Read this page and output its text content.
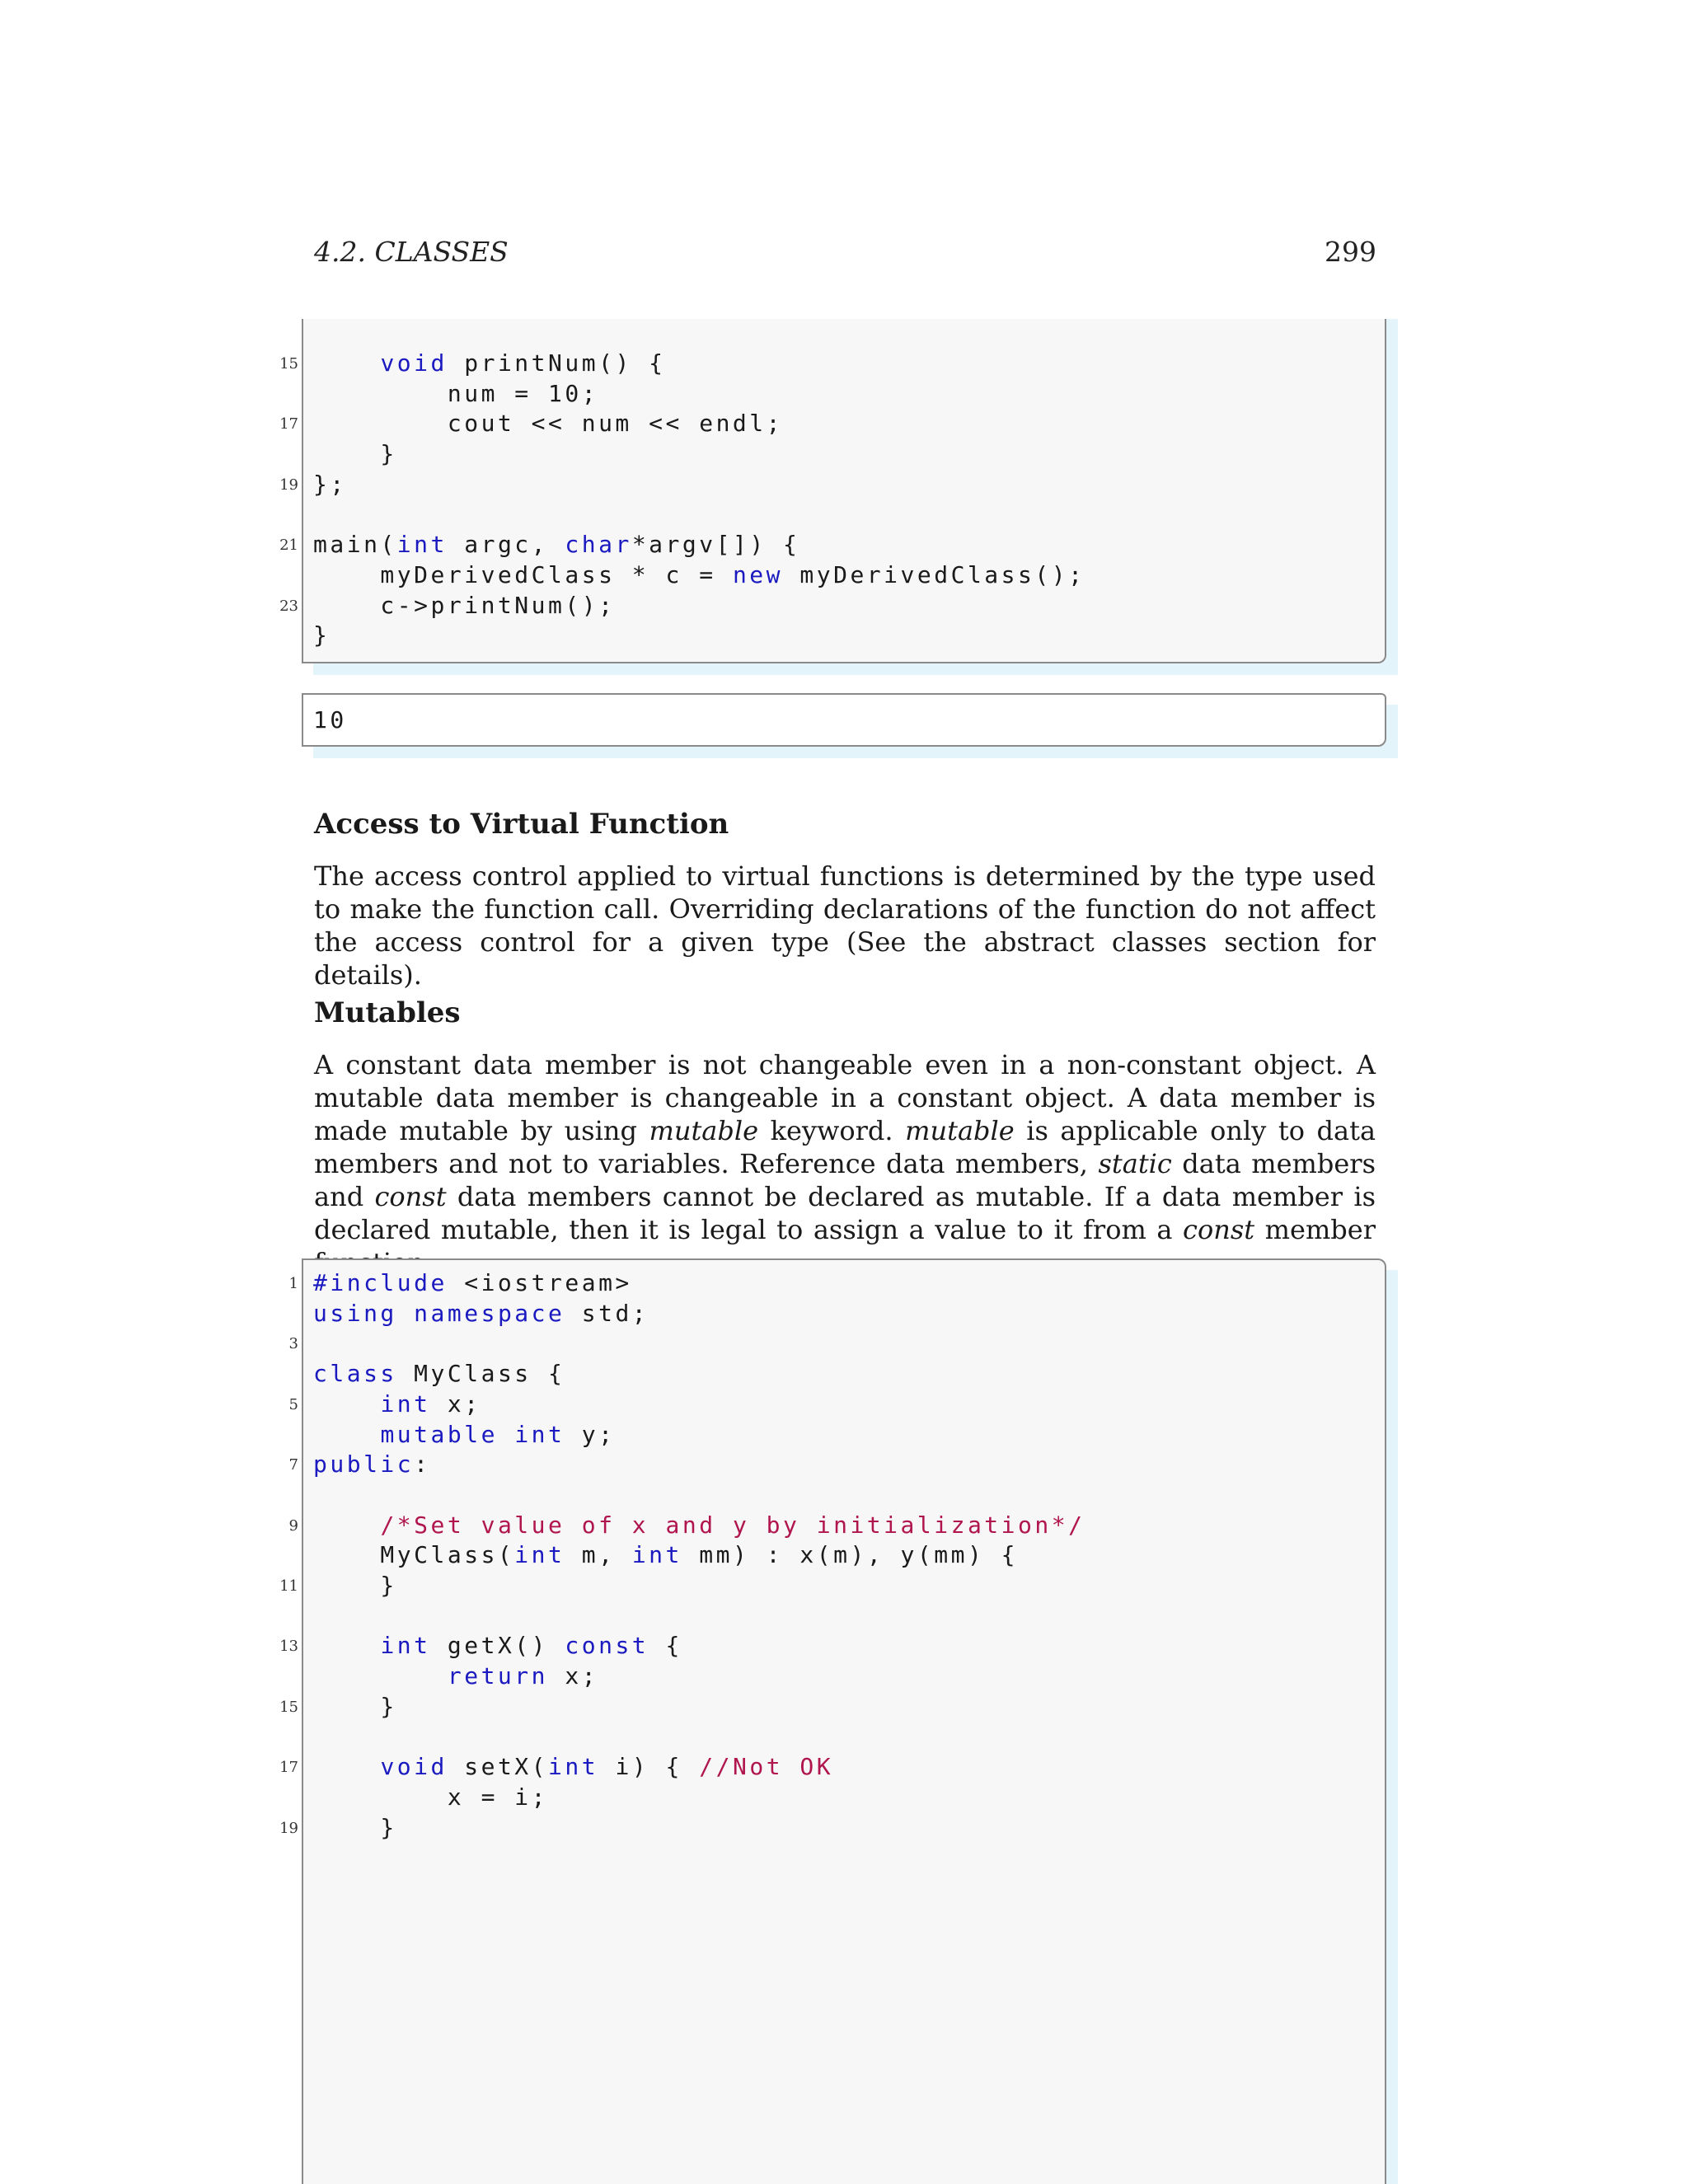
4.2. CLASSES	299
15	void printNum() {
num = 10;
17 cout << num << endl;
}
19 };
21 main(int argc, char*argv[]) {
myDerivedClass * c = new myDerivedClass();
23 c->printNum();
}
10
Access to Virtual Function
The access control applied to virtual functions is determined by the type used to make the function call. Overriding declarations of the function do not affect the access control for a given type (See the abstract classes section for details).
Mutables
A constant data member is not changeable even in a non-constant object. A mutable data member is changeable in a constant object. A data member is made mutable by using mutable keyword. mutable is applicable only to data members and not to variables. Reference data members, static data members and const data members cannot be declared as mutable. If a data member is declared mutable, then it is legal to assign a value to it from a const member
1 #include <iostream>
using namespace std;
3
class MyClass {
5	int x;
mutable int y;
7 public:
9	/*Set value of x and y by initialization*/
MyClass(int m, int mm) : x(m), y(mm) {
11 }
13	int getX() const {
return x;
15 }
17	void setX(int i) { //Not OK
x = i;
19 }
